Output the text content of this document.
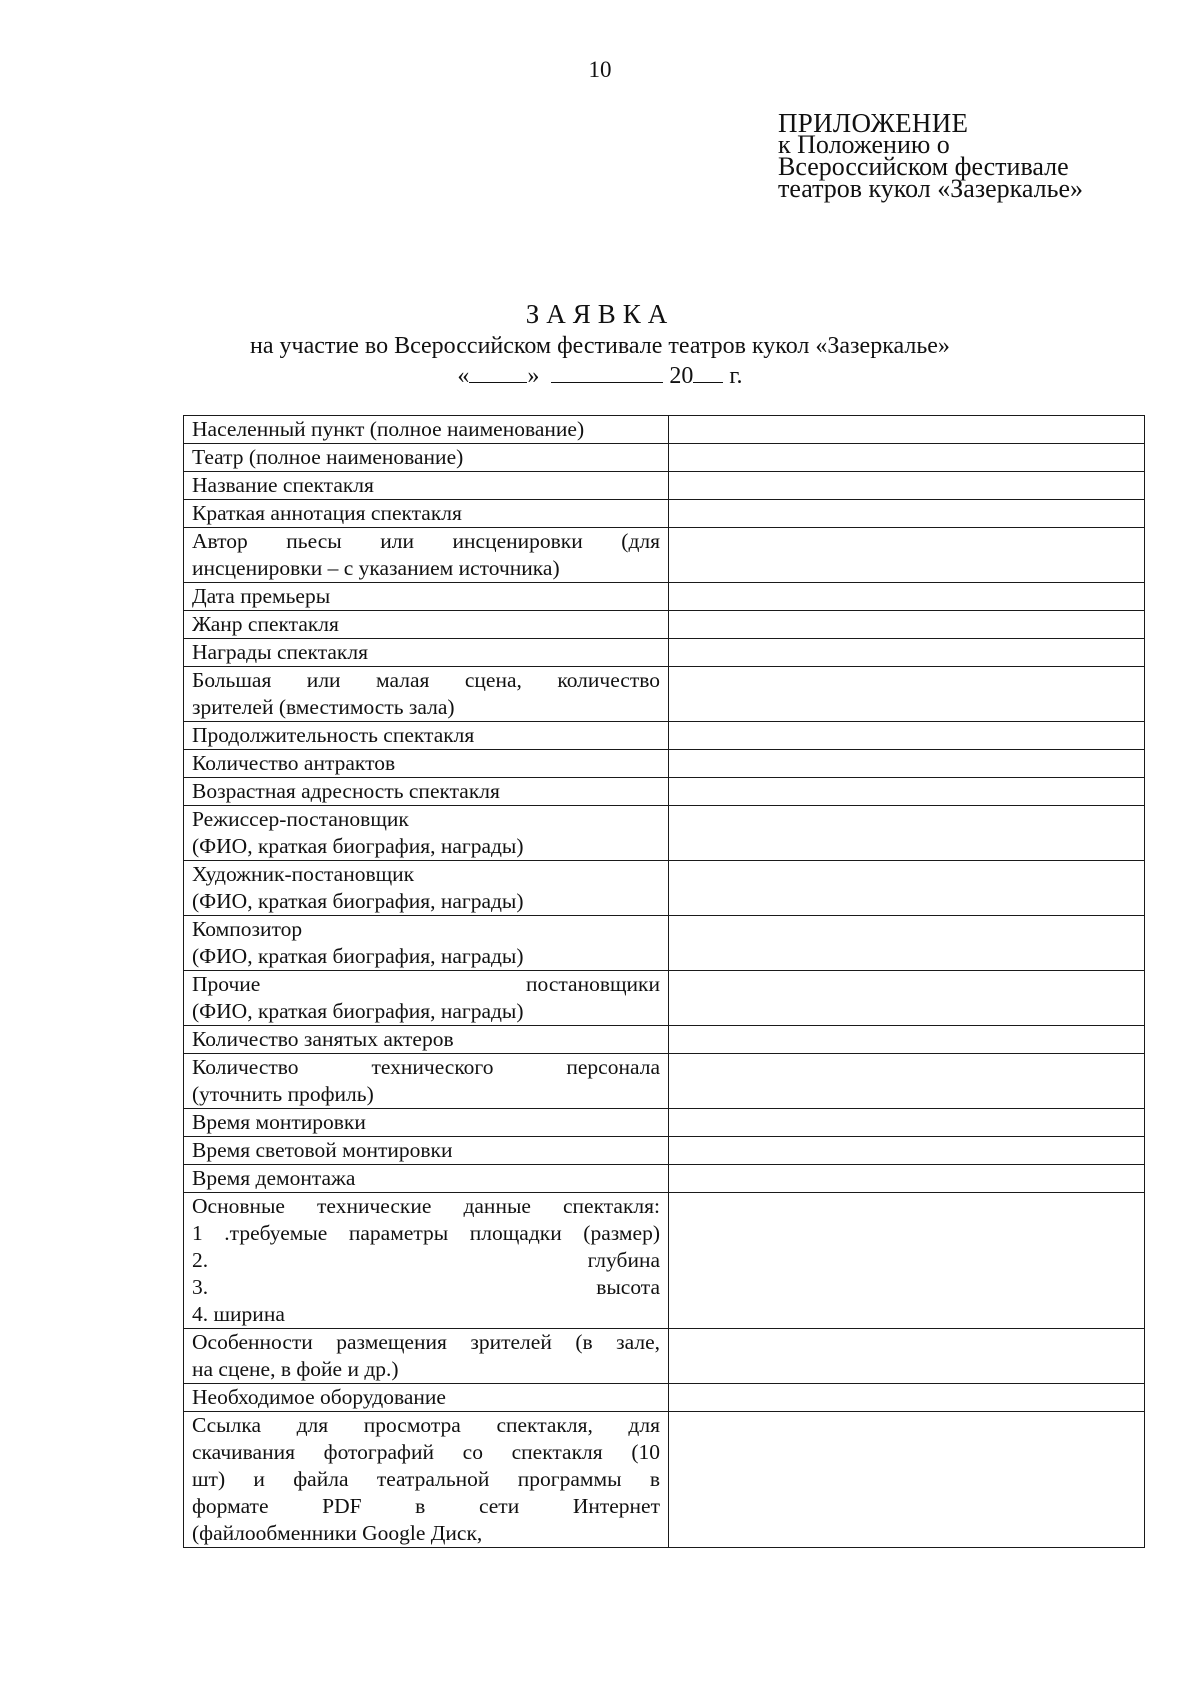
10
ПРИЛОЖЕНИЕ
к Положению о
Всероссийском фестивале
театров кукол «Зазеркалье»
ЗАЯВКА
на участие во Всероссийском фестивале театров кукол «Зазеркалье»
« »	20 г.
Населенный пункт (полное наименование)	

Театр (полное наименование)	

Название спектакля	

Краткая аннотация спектакля	

Автор пьесы или инсценировки (для
инсценировки – с указанием источника)	

Дата премьеры	

Жанр спектакля	

Награды спектакля	

Большая или малая сцена, количество
зрителей (вместимость зала)	

Продолжительность спектакля	

Количество антрактов	

Возрастная адресность спектакля	

Режиссер-постановщик
(ФИО, краткая биография, награды)	

Художник-постановщик
(ФИО, краткая биография, награды)	

Композитор
(ФИО, краткая биография, награды)	

Прочие постановщики
(ФИО, краткая биография, награды)	

Количество занятых актеров	

Количество технического персонала
(уточнить профиль)	

Время монтировки	

Время световой монтировки	

Время демонтажа	

Основные технические данные спектакля:
1 .требуемые параметры площадки (размер)
2. глубина
3. высота
4. ширина	

Особенности размещения зрителей (в зале,
на сцене, в фойе и др.)	

Необходимое оборудование	

Ссылка для просмотра спектакля, для
скачивания фотографий со спектакля (10
шт) и файла театральной программы в
формате PDF в сети Интернет
(файлообменники Google Диск,	
